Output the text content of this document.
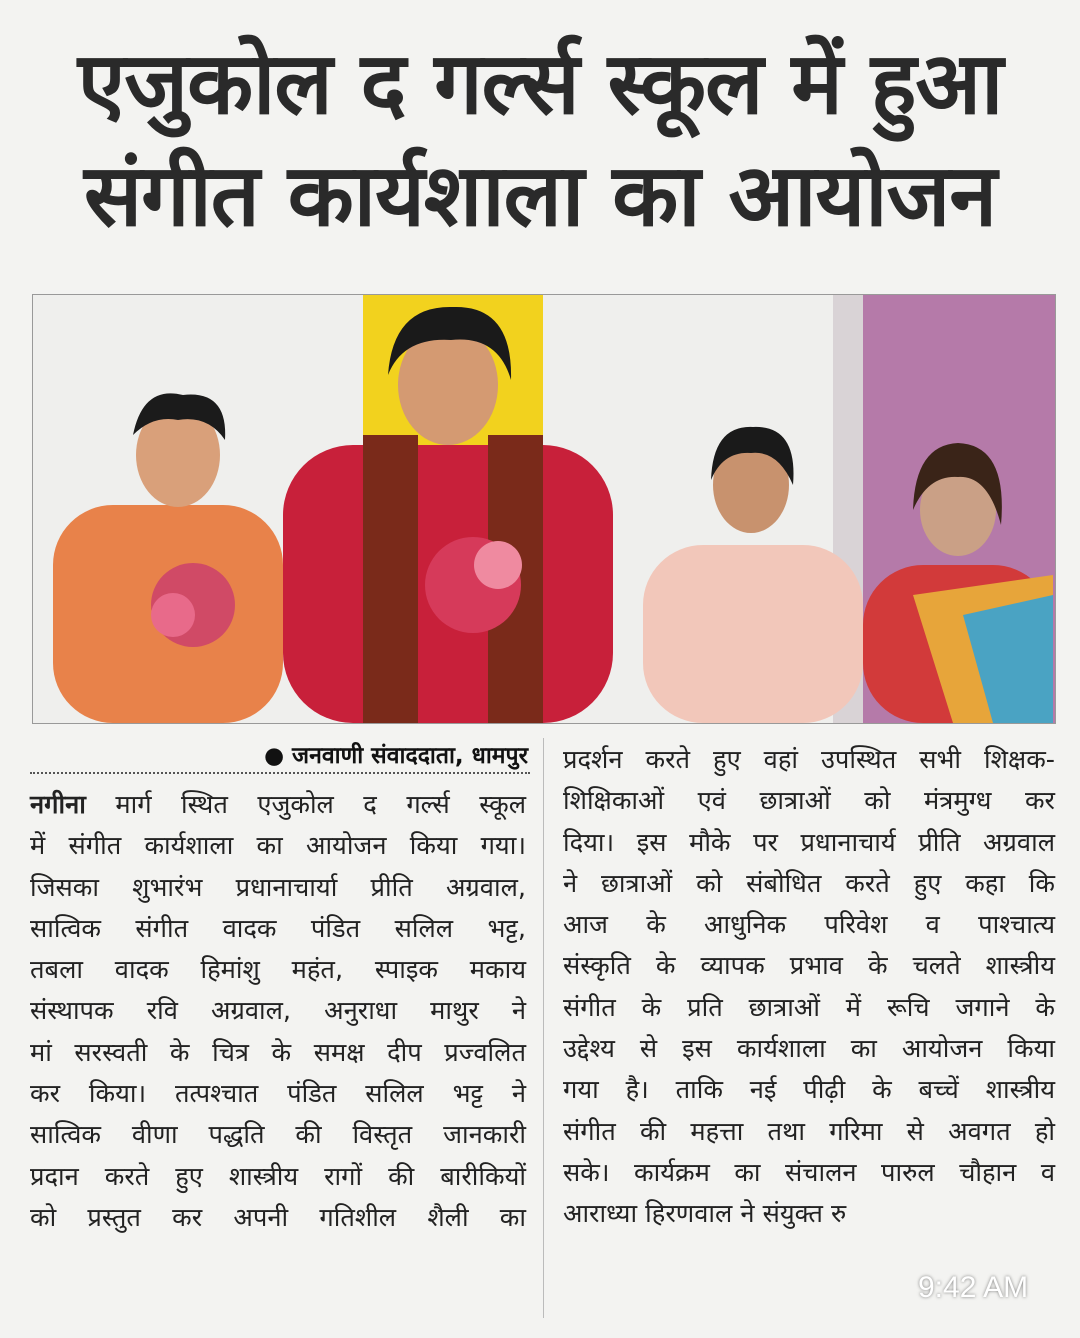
एजुकोल द गर्ल्स स्कूल में हुआ
संगीत कार्यशाला का आयोजन
● जनवाणी संवाददाता, धामपुर
नगीना मार्ग स्थित एजुकोल द गर्ल्स स्कूल
में संगीत कार्यशाला का आयोजन किया गया।
जिसका शुभारंभ प्रधानाचार्या प्रीति अग्रवाल,
सात्विक संगीत वादक पंडित सलिल भट्ट,
तबला वादक हिमांशु महंत, स्पाइक मकाय
संस्थापक रवि अग्रवाल, अनुराधा माथुर ने
मां सरस्वती के चित्र के समक्ष दीप प्रज्वलित
कर किया। तत्पश्चात पंडित सलिल भट्ट ने
सात्विक वीणा पद्धति की विस्तृत जानकारी
प्रदान करते हुए शास्त्रीय रागों की बारीकियों
को प्रस्तुत कर अपनी गतिशील शैली का
प्रदर्शन करते हुए वहां उपस्थित सभी शिक्षक-
शिक्षिकाओं एवं छात्राओं को मंत्रमुग्ध कर
दिया। इस मौके पर प्रधानाचार्य प्रीति अग्रवाल
ने छात्राओं को संबोधित करते हुए कहा कि
आज के आधुनिक परिवेश व पाश्चात्य
संस्कृति के व्यापक प्रभाव के चलते शास्त्रीय
संगीत के प्रति छात्राओं में रूचि जगाने के
उद्देश्य से इस कार्यशाला का आयोजन किया
गया है। ताकि नई पीढ़ी के बच्चें शास्त्रीय
संगीत की महत्ता तथा गरिमा से अवगत हो
सके। कार्यक्रम का संचालन पारुल चौहान व
आराध्या हिरणवाल ने संयुक्त रु
9:42 AM
